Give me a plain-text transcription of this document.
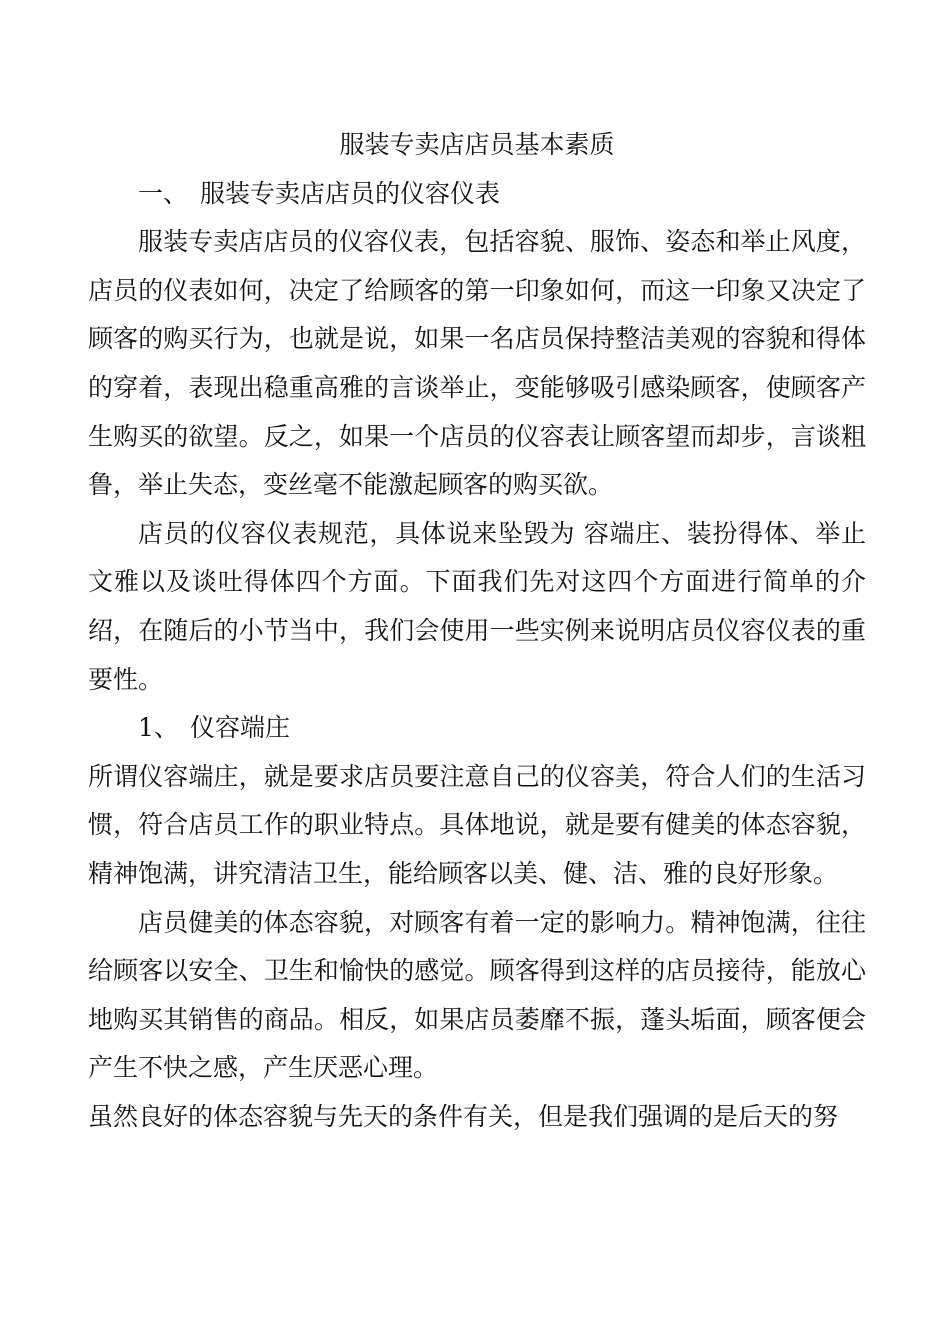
服装专卖店店员基本素质
一、 服装专卖店店员的仪容仪表

服装专卖店店员的仪容仪表，包括容貌、服饰、姿态和举止风度，店员的仪表如何，决定了给顾客的第一印象如何，而这一印象又决定了顾客的购买行为，也就是说，如果一名店员保持整洁美观的容貌和得体的穿着，表现出稳重高雅的言谈举止，变能够吸引感染顾客，使顾客产生购买的欲望。反之，如果一个店员的仪容表让顾客望而却步，言谈粗鲁，举止失态，变丝毫不能激起顾客的购买欲。

店员的仪容仪表规范，具体说来坠毁为 容端庄、装扮得体、举止文雅以及谈吐得体四个方面。下面我们先对这四个方面进行简单的介绍，在随后的小节当中，我们会使用一些实例来说明店员仪容仪表的重要性。

1、 仪容端庄

所谓仪容端庄，就是要求店员要注意自己的仪容美，符合人们的生活习惯，符合店员工作的职业特点。具体地说，就是要有健美的体态容貌，精神饱满，讲究清洁卫生，能给顾客以美、健、洁、雅的良好形象。

店员健美的体态容貌，对顾客有着一定的影响力。精神饱满，往往给顾客以安全、卫生和愉快的感觉。顾客得到这样的店员接待，能放心地购买其销售的商品。相反，如果店员萎靡不振，蓬头垢面，顾客便会产生不快之感，产生厌恶心理。

虽然良好的体态容貌与先天的条件有关，但是我们强调的是后天的努
